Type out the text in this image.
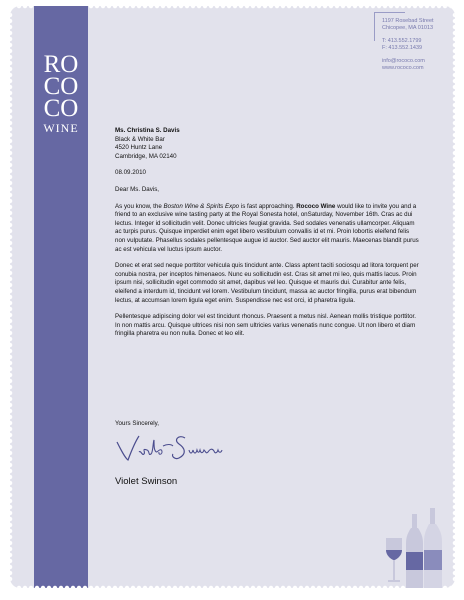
RO
CO
CO
WINE
1197 Rosebad Street
Chicopee, MA 01013
T: 413.552.1799
F: 413.552.1439
info@rococo.com
www.rococo.com

Ms. Christina S. Davis

Black & White Bar

4520 Huntz Lane

Cambridge, MA 02140

08.09.2010

Dear Ms. Davis,

As you know, the Boston Wine & Spirits Expo is fast approaching. Rococo Wine would like to invite you and a friend to an exclusive wine tasting party at the Royal Sonesta hotel, onSaturday, November 16th. Cras ac dui lectus. Integer id sollicitudin velit. Donec ultricies feugiat gravida. Sed sodales venenatis ullamcorper. Aliquam ac turpis purus. Quisque imperdiet enim eget libero vestibulum convallis id et mi. Proin lobortis eleifend felis non vulputate. Phasellus sodales pellentesque augue id auctor. Sed auctor elit mauris. Maecenas blandit purus ac est vehicula vel luctus ipsum auctor.

Donec et erat sed neque porttitor vehicula quis tincidunt ante. Class aptent taciti sociosqu ad litora torquent per conubia nostra, per inceptos himenaeos. Nunc eu sollicitudin est. Cras sit amet mi leo, quis mattis lacus. Proin ipsum nisi, sollicitudin eget commodo sit amet, dapibus vel leo. Quisque et mauris dui. Curabitur ante felis, eleifend a interdum id, tincidunt vel lorem. Vestibulum tincidunt, massa ac auctor fringilla, purus erat bibendum lectus, at accumsan lorem ligula eget enim. Suspendisse nec est orci, id pharetra ligula.

Pellentesque adipiscing dolor vel est tincidunt rhoncus. Praesent a metus nisl. Aenean mollis tristique porttitor. In non mattis arcu. Quisque ultrices nisi non sem ultricies varius venenatis nunc congue. Ut non libero et diam fringilla pharetra eu non nulla. Donec et leo elit.

Yours Sincerely,
Violet Swinson
